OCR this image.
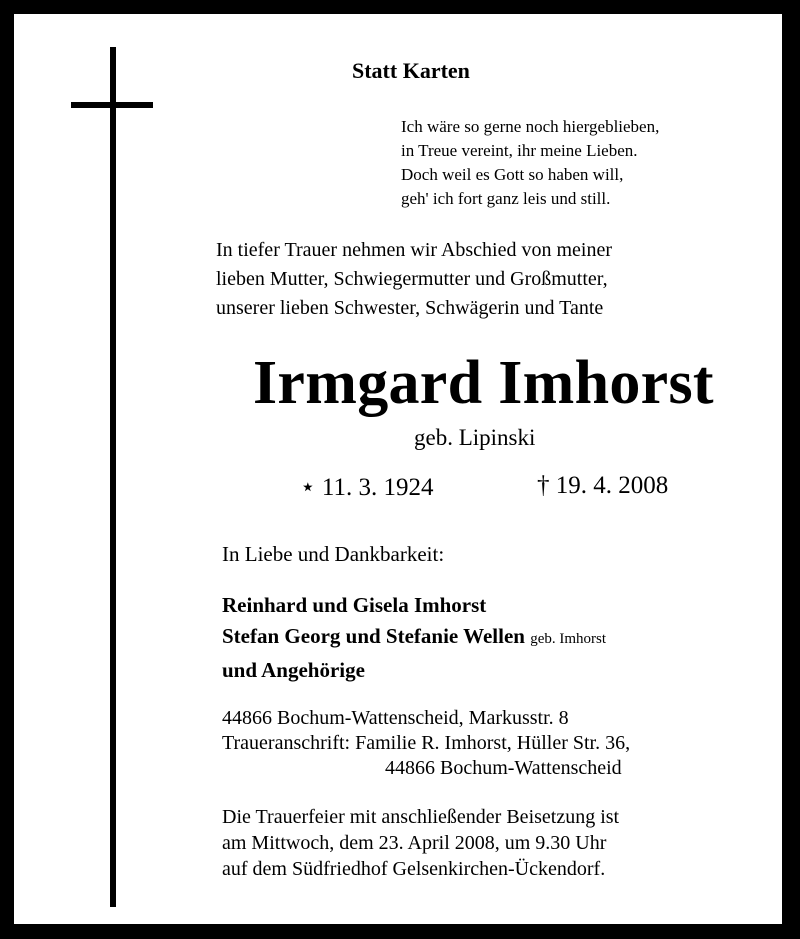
Statt Karten
Ich wäre so gerne noch hiergeblieben,
in Treue vereint, ihr meine Lieben.
Doch weil es Gott so haben will,
geh' ich fort ganz leis und still.
In tiefer Trauer nehmen wir Abschied von meiner
lieben Mutter, Schwiegermutter und Großmutter,
unserer lieben Schwester, Schwägerin und Tante
Irmgard Imhorst
geb. Lipinski
⋆ 11. 3. 1924	† 19. 4. 2008
In Liebe und Dankbarkeit:
Reinhard und Gisela Imhorst
Stefan Georg und Stefanie Wellen geb. Imhorst
und Angehörige
44866 Bochum-Wattenscheid, Markusstr. 8
Traueranschrift: Familie R. Imhorst, Hüller Str. 36,
44866 Bochum-Wattenscheid
Die Trauerfeier mit anschließender Beisetzung ist
am Mittwoch, dem 23. April 2008, um 9.30 Uhr
auf dem Südfriedhof Gelsenkirchen-Ückendorf.
